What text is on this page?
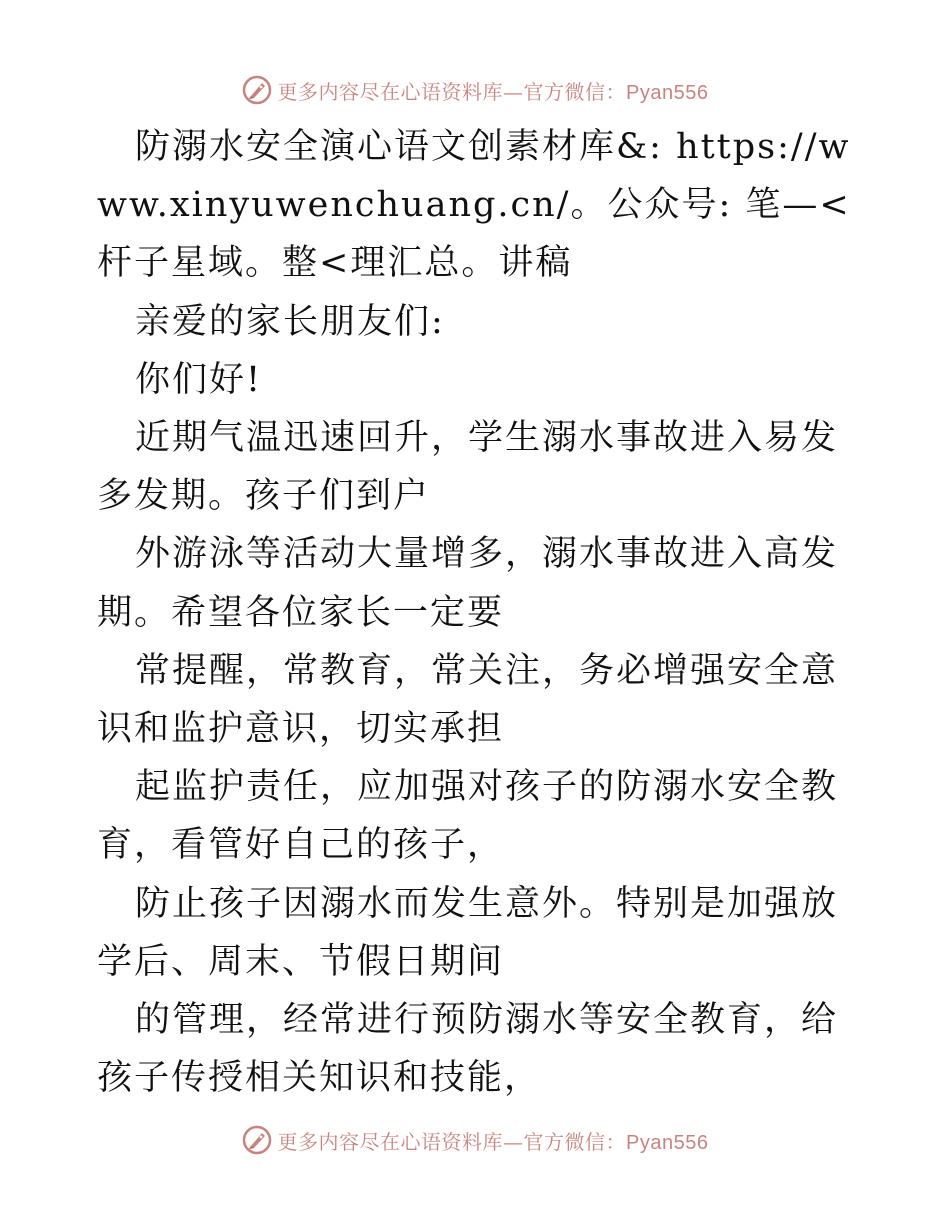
更多内容尽在心语资料库—官方微信：Pyan556

防溺水安全演心语文创素材库&: https://www.xinyuwenchuang.cn/。公众号: 笔—<杆子星域。整<理汇总。讲稿

亲爱的家长朋友们:

你们好!

近期气温迅速回升，学生溺水事故进入易发多发期。孩子们到户

外游泳等活动大量增多，溺水事故进入高发期。希望各位家长一定要

常提醒，常教育，常关注，务必增强安全意识和监护意识，切实承担

起监护责任，应加强对孩子的防溺水安全教育，看管好自己的孩子，

防止孩子因溺水而发生意外。特别是加强放学后、周末、节假日期间

的管理，经常进行预防溺水等安全教育，给孩子传授相关知识和技能，

更多内容尽在心语资料库—官方微信：Pyan556
